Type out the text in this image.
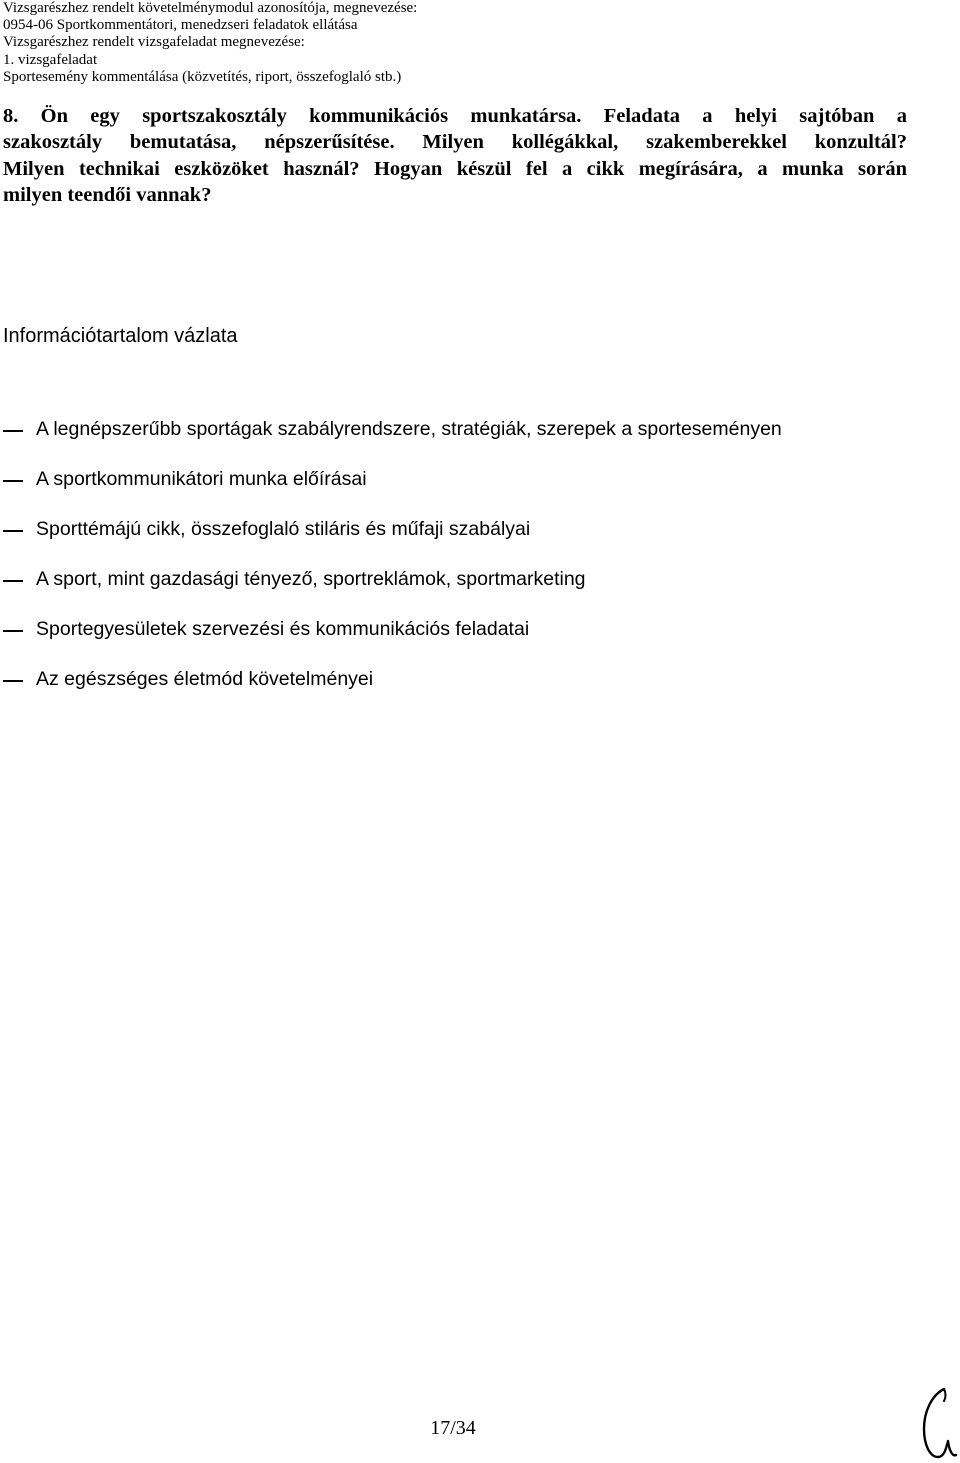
Vizsgarészhez rendelt követelménymodul azonosítója, megnevezése:
0954-06 Sportkommentátori, menedzseri feladatok ellátása
Vizsgarészhez rendelt vizsgafeladat megnevezése:
1. vizsgafeladat
Sportesemény kommentálása (közvetítés, riport, összefoglaló stb.)
8. Ön egy sportszakosztály kommunikációs munkatársa. Feladata a helyi sajtóban a
szakosztály bemutatása, népszerűsítése. Milyen kollégákkal, szakemberekkel konzultál?
Milyen technikai eszközöket használ? Hogyan készül fel a cikk megírására, a munka során
milyen teendői vannak?
Információtartalom vázlata
A legnépszerűbb sportágak szabályrendszere, stratégiák, szerepek a sporteseményen
A sportkommunikátori munka előírásai
Sporttémájú cikk, összefoglaló stiláris és műfaji szabályai
A sport, mint gazdasági tényező, sportreklámok, sportmarketing
Sportegyesületek szervezési és kommunikációs feladatai
Az egészséges életmód követelményei
17/34
